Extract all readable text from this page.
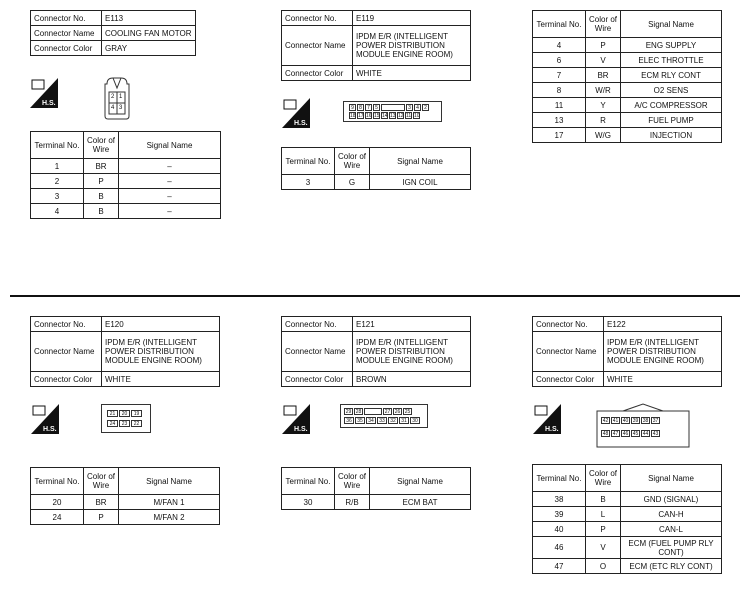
Connector No.	E113
Connector Name	COOLING FAN MOTOR
Connector Color	GRAY
H.S.
2 1
4 3
Terminal No.	Color of Wire	Signal Name
1	BR	–
2	P	–
3	B	–
4	B	–
Connector No.	E119
Connector Name	IPDM E/R (INTELLIGENT POWER DISTRIBUTION MODULE ENGINE ROOM)
Connector Color	WHITE
H.S.
9	8	7	5	3	4	2
18 17 16 15 14 13 12 11 10
Terminal No.	Color of Wire	Signal Name
3	G	IGN COIL
Terminal No.	Color of Wire	Signal Name
4	P	ENG SUPPLY
6	V	ELEC THROTTLE
7	BR	ECM RLY CONT
8	W/R	O2 SENS
11	Y	A/C COMPRESSOR
13	R	FUEL PUMP
17	W/G	INJECTION
Connector No.	E120
Connector Name	IPDM E/R (INTELLIGENT POWER DISTRIBUTION MODULE ENGINE ROOM)
Connector Color	WHITE
H.S.
21	20	19
24	23	22
Terminal No.	Color of Wire	Signal Name
20	BR	M/FAN 1
24	P	M/FAN 2
Connector No.	E121
Connector Name	IPDM E/R (INTELLIGENT POWER DISTRIBUTION MODULE ENGINE ROOM)
Connector Color	BROWN
H.S.
29 28	27 26 25
36	35	34	33	32	31	30
Terminal No.	Color of Wire	Signal Name
30	R/B	ECM BAT
Connector No.	E122
Connector Name	IPDM E/R (INTELLIGENT POWER DISTRIBUTION MODULE ENGINE ROOM)
Connector Color	WHITE
H.S.
42 41 40 39 38 37
48 47 46 45 44 43
Terminal No.	Color of Wire	Signal Name
38	B	GND (SIGNAL)
39	L	CAN-H
40	P	CAN-L
46	V	ECM (FUEL PUMP RLY CONT)
47	O	ECM (ETC RLY CONT)
